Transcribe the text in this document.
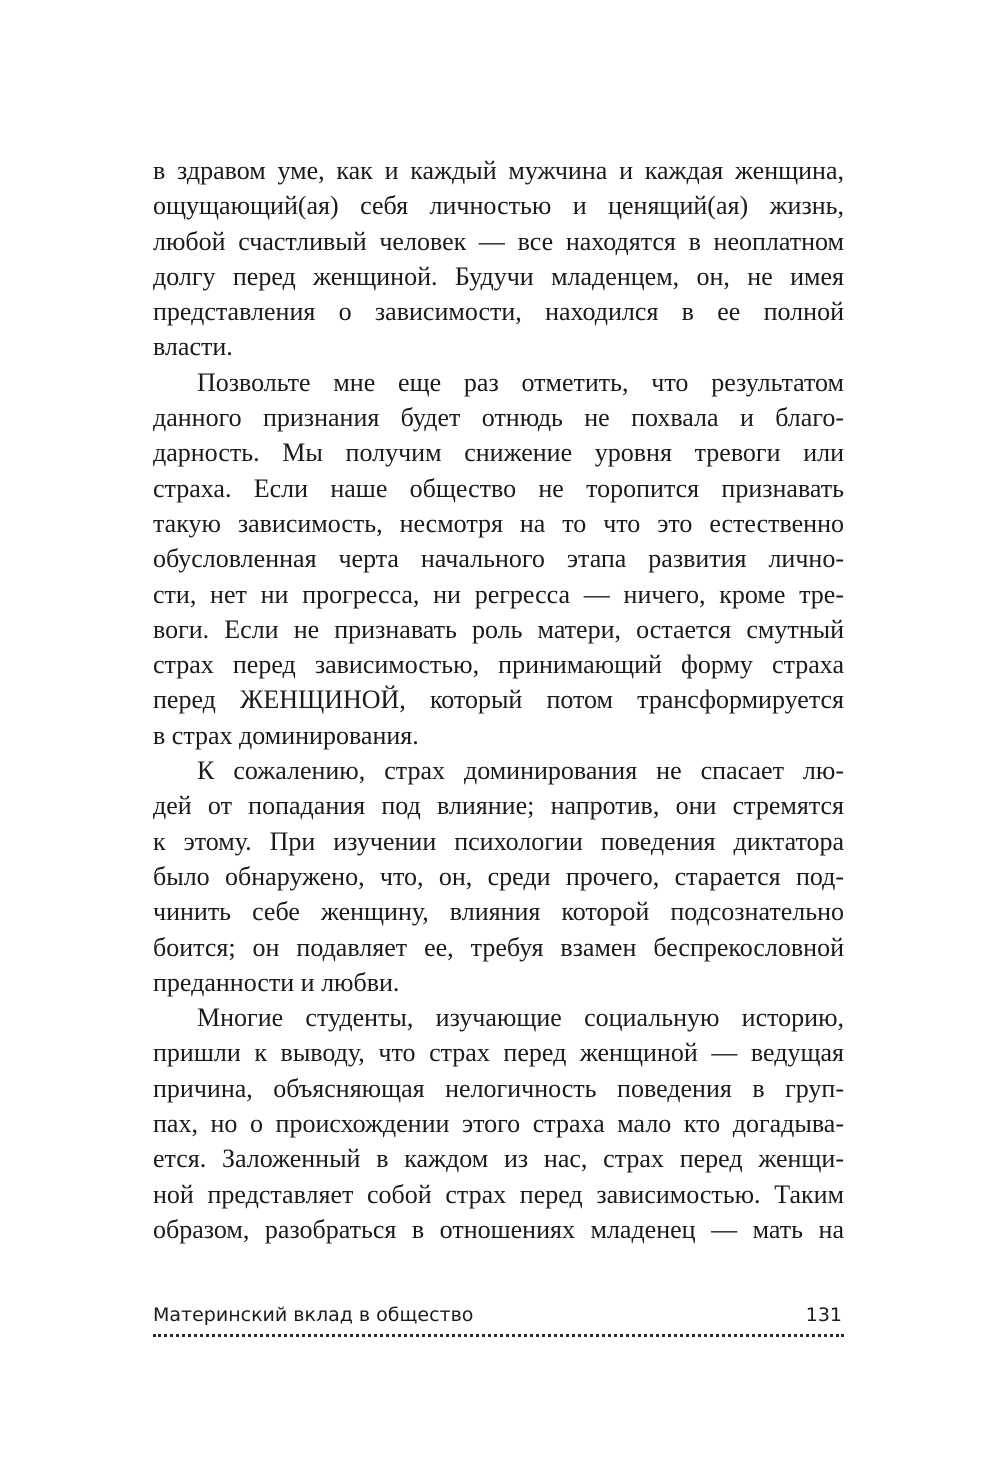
в здравом уме, как и каждый мужчина и каждая женщина,
ощущающий(ая) себя личностью и ценящий(ая) жизнь,
любой счастливый человек — все находятся в неоплатном
долгу перед женщиной. Будучи младенцем, он, не имея
представления о зависимости, находился в ее полной
власти.
Позвольте мне еще раз отметить, что результатом
данного признания будет отнюдь не похвала и благо-
дарность. Мы получим снижение уровня тревоги или
страха. Если наше общество не торопится признавать
такую зависимость, несмотря на то что это естественно
обусловленная черта начального этапа развития лично-
сти, нет ни прогресса, ни регресса — ничего, кроме тре-
воги. Если не признавать роль матери, остается смутный
страх перед зависимостью, принимающий форму страха
перед ЖЕНЩИНОЙ, который потом трансформируется
в страх доминирования.
К сожалению, страх доминирования не спасает лю-
дей от попадания под влияние; напротив, они стремятся
к этому. При изучении психологии поведения диктатора
было обнаружено, что, он, среди прочего, старается под-
чинить себе женщину, влияния которой подсознательно
боится; он подавляет ее, требуя взамен беспрекословной
преданности и любви.
Многие студенты, изучающие социальную историю,
пришли к выводу, что страх перед женщиной — ведущая
причина, объясняющая нелогичность поведения в груп-
пах, но о происхождении этого страха мало кто догадыва-
ется. Заложенный в каждом из нас, страх перед женщи-
ной представляет собой страх перед зависимостью. Таким
образом, разобраться в отношениях младенец — мать на
Материнский вклад в общество	131
